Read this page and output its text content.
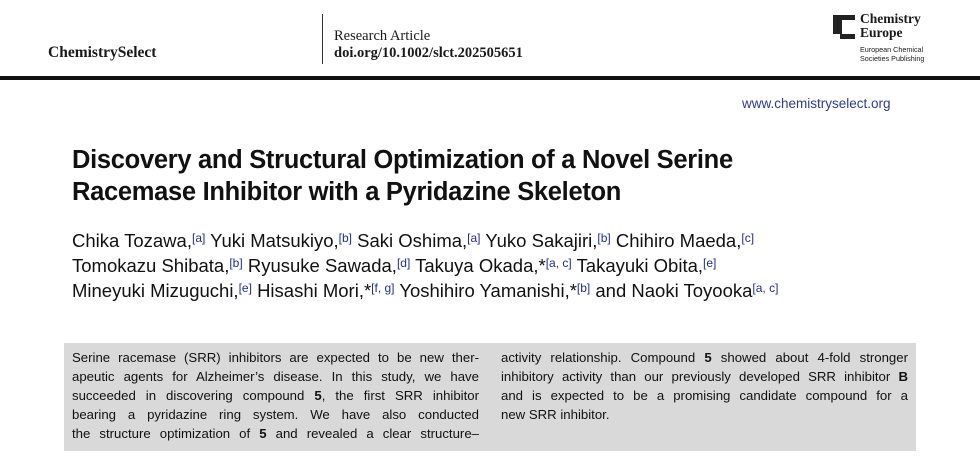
ChemistrySelect
Research Article
doi.org/10.1002/slct.202505651
Chemistry
Europe
European Chemical
Societies Publishing
www.chemistryselect.org
Discovery and Structural Optimization of a Novel Serine
Racemase Inhibitor with a Pyridazine Skeleton
Chika Tozawa,[a] Yuki Matsukiyo,[b] Saki Oshima,[a] Yuko Sakajiri,[b] Chihiro Maeda,[c]
Tomokazu Shibata,[b] Ryusuke Sawada,[d] Takuya Okada,*[a, c] Takayuki Obita,[e]
Mineyuki Mizuguchi,[e] Hisashi Mori,*[f, g] Yoshihiro Yamanishi,*[b] and Naoki Toyooka[a, c]
Serine racemase (SRR) inhibitors are expected to be new ther-
apeutic agents for Alzheimer’s disease. In this study, we have
succeeded in discovering compound 5, the first SRR inhibitor
bearing a pyridazine ring system. We have also conducted
the structure optimization of 5 and revealed a clear structure–
activity relationship. Compound 5 showed about 4-fold stronger
inhibitory activity than our previously developed SRR inhibitor B
and is expected to be a promising candidate compound for a
new SRR inhibitor.
